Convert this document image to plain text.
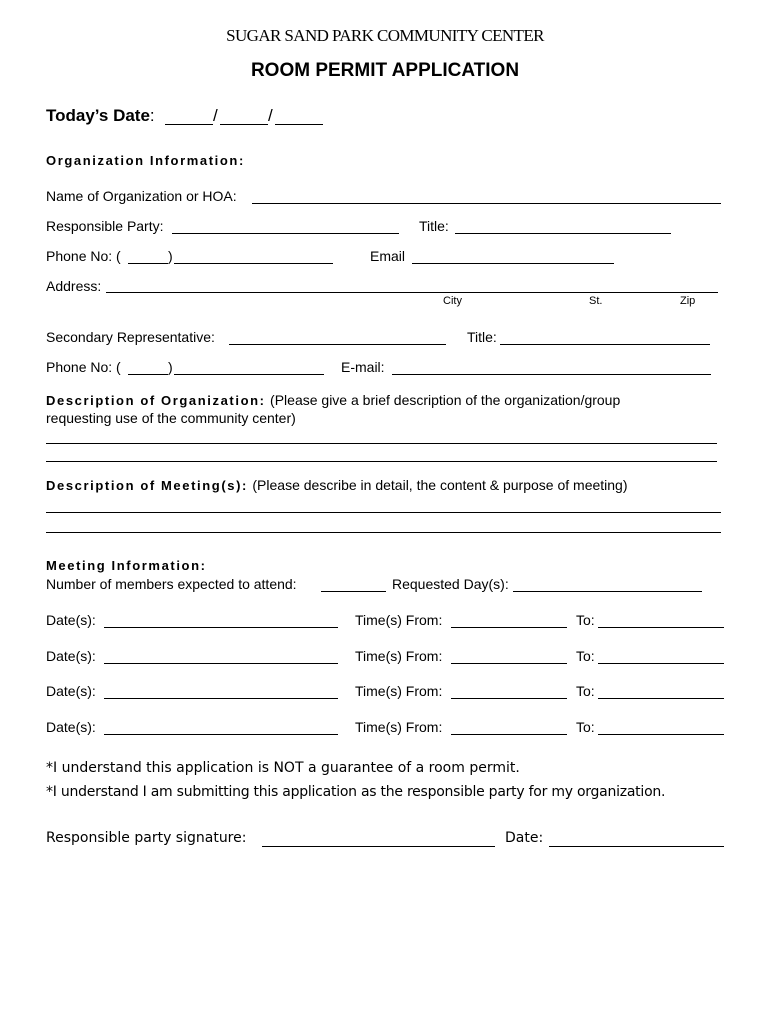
SUGAR SAND PARK COMMUNITY CENTER
ROOM PERMIT APPLICATION
Today’s Date:	/	/
Organization Information:
Name of Organization or HOA:
Responsible Party:	Title:
Phone No: (	)	Email
Address:
City	St.	Zip
Secondary Representative:	Title:
Phone No: (	)	E-mail:
Description of Organization: (Please give a brief description of the organization/group
requesting use of the community center)
Description of Meeting(s): (Please describe in detail, the content & purpose of meeting)
Meeting Information:
Number of members expected to attend:	Requested Day(s):
Date(s):	Time(s) From:	To:
Date(s):	Time(s) From:	To:
Date(s):	Time(s) From:	To:
Date(s):	Time(s) From:	To:
*I understand this application is NOT a guarantee of a room permit.
*I understand I am submitting this application as the responsible party for my organization.
Responsible party signature:	Date:
